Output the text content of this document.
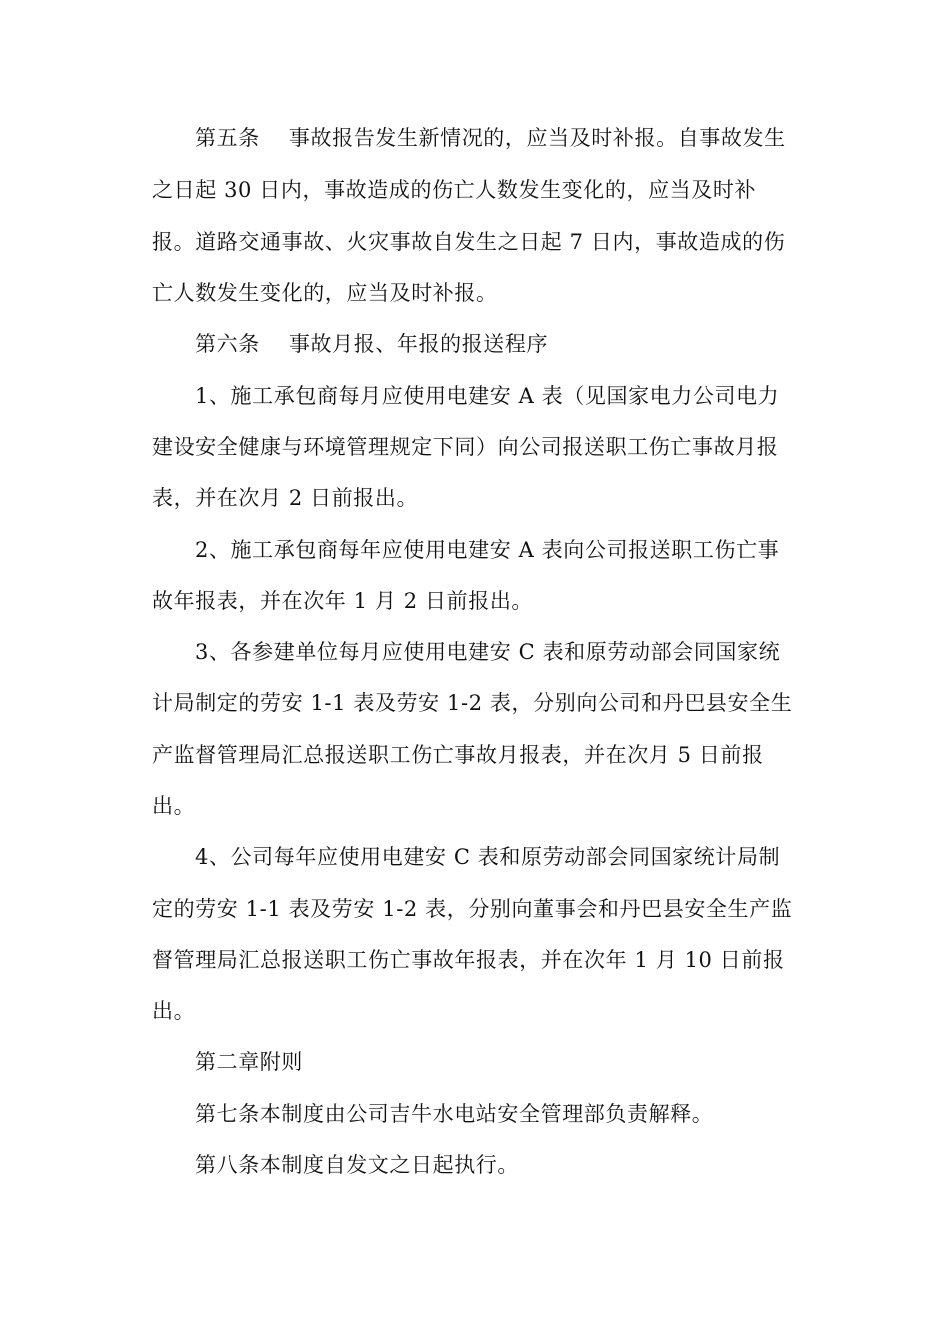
第五条    事故报告发生新情况的，应当及时补报。自事故发生
之日起 30 日内，事故造成的伤亡人数发生变化的，应当及时补
报。道路交通事故、火灾事故自发生之日起 7 日内，事故造成的伤
亡人数发生变化的，应当及时补报。
第六条    事故月报、年报的报送程序
1、施工承包商每月应使用电建安 A 表（见国家电力公司电力
建设安全健康与环境管理规定下同）向公司报送职工伤亡事故月报
表，并在次月 2 日前报出。
2、施工承包商每年应使用电建安 A 表向公司报送职工伤亡事
故年报表，并在次年 1 月 2 日前报出。
3、各参建单位每月应使用电建安 C 表和原劳动部会同国家统
计局制定的劳安 1-1 表及劳安 1-2 表，分别向公司和丹巴县安全生
产监督管理局汇总报送职工伤亡事故月报表，并在次月 5 日前报
出。
4、公司每年应使用电建安 C 表和原劳动部会同国家统计局制
定的劳安 1-1 表及劳安 1-2 表，分别向董事会和丹巴县安全生产监
督管理局汇总报送职工伤亡事故年报表，并在次年 1 月 10 日前报
出。
第二章附则
第七条本制度由公司吉牛水电站安全管理部负责解释。
第八条本制度自发文之日起执行。
